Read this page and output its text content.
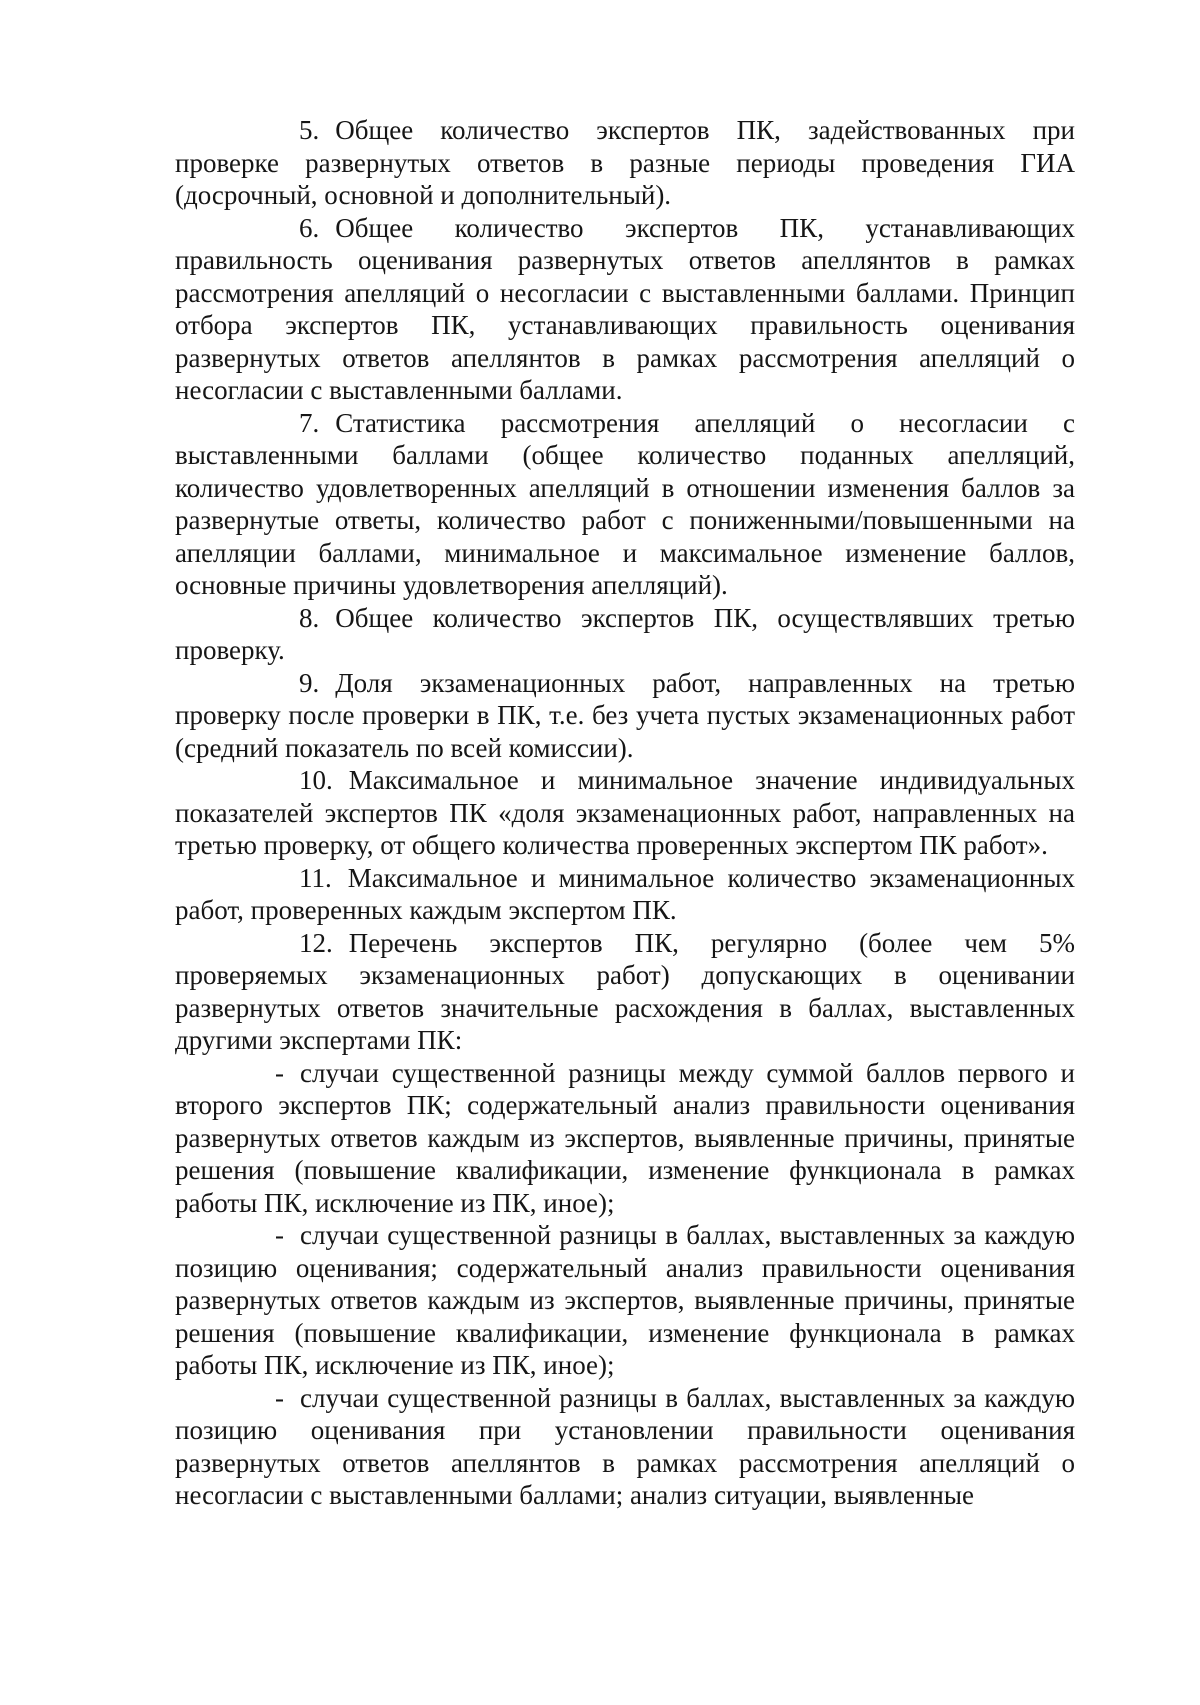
5. Общее количество экспертов ПК, задействованных при проверке развернутых ответов в разные периоды проведения ГИА (досрочный, основной и дополнительный).

6. Общее количество экспертов ПК, устанавливающих правильность оценивания развернутых ответов апеллянтов в рамках рассмотрения апелляций о несогласии с выставленными баллами. Принцип отбора экспертов ПК, устанавливающих правильность оценивания развернутых ответов апеллянтов в рамках рассмотрения апелляций о несогласии с выставленными баллами.

7. Статистика рассмотрения апелляций о несогласии с выставленными баллами (общее количество поданных апелляций, количество удовлетворенных апелляций в отношении изменения баллов за развернутые ответы, количество работ с пониженными/повышенными на апелляции баллами, минимальное и максимальное изменение баллов, основные причины удовлетворения апелляций).

8. Общее количество экспертов ПК, осуществлявших третью проверку.

9. Доля экзаменационных работ, направленных на третью проверку после проверки в ПК, т.е. без учета пустых экзаменационных работ (средний показатель по всей комиссии).

10. Максимальное и минимальное значение индивидуальных показателей экспертов ПК «доля экзаменационных работ, направленных на третью проверку, от общего количества проверенных экспертом ПК работ».

11. Максимальное и минимальное количество экзаменационных работ, проверенных каждым экспертом ПК.

12. Перечень экспертов ПК, регулярно (более чем 5% проверяемых экзаменационных работ) допускающих в оценивании развернутых ответов значительные расхождения в баллах, выставленных другими экспертами ПК:

- случаи существенной разницы между суммой баллов первого и второго экспертов ПК; содержательный анализ правильности оценивания развернутых ответов каждым из экспертов, выявленные причины, принятые решения (повышение квалификации, изменение функционала в рамках работы ПК, исключение из ПК, иное);

- случаи существенной разницы в баллах, выставленных за каждую позицию оценивания; содержательный анализ правильности оценивания развернутых ответов каждым из экспертов, выявленные причины, принятые решения (повышение квалификации, изменение функционала в рамках работы ПК, исключение из ПК, иное);

- случаи существенной разницы в баллах, выставленных за каждую позицию оценивания при установлении правильности оценивания развернутых ответов апеллянтов в рамках рассмотрения апелляций о несогласии с выставленными баллами; анализ ситуации, выявленные
